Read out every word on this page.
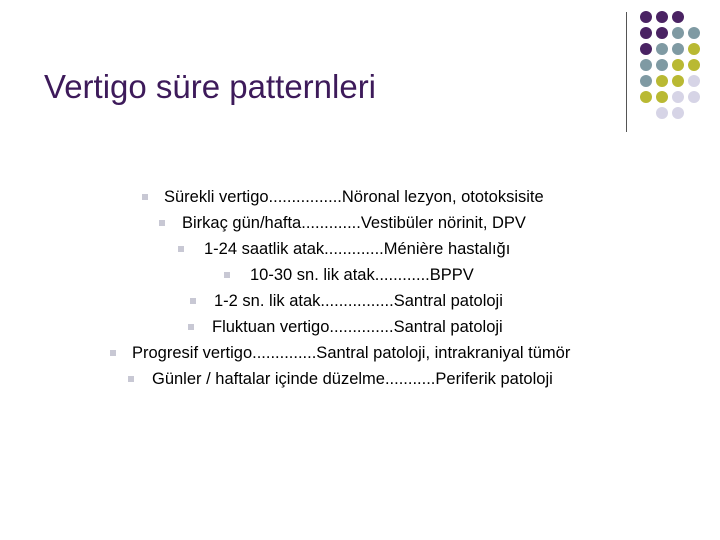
Vertigo süre patternleri
Sürekli vertigo................Nöronal lezyon, ototoksisite
Birkaç gün/hafta.............Vestibüler nörinit, DPV
1-24 saatlik atak.............Ménière hastalığı
10-30 sn. lik atak............BPPV
1-2 sn. lik atak................Santral patoloji
Fluktuan vertigo..............Santral patoloji
Progresif vertigo..............Santral patoloji, intrakraniyal tümör
Günler / haftalar içinde düzelme...........Periferik patoloji
